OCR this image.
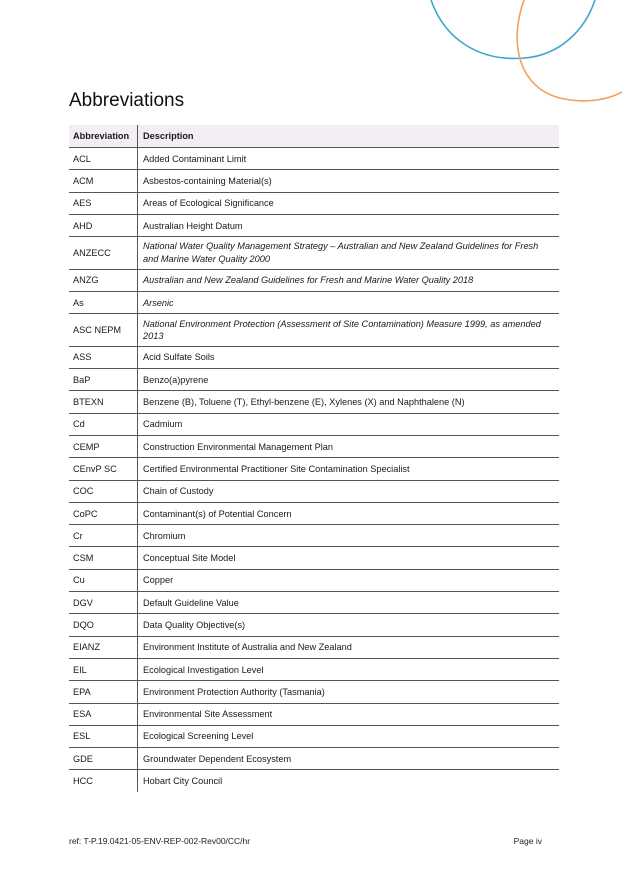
Abbreviations
Abbreviation	Description
ACL	Added Contaminant Limit
ACM	Asbestos-containing Material(s)
AES	Areas of Ecological Significance
AHD	Australian Height Datum
ANZECC	National Water Quality Management Strategy – Australian and New Zealand Guidelines for Fresh and Marine Water Quality 2000
ANZG	Australian and New Zealand Guidelines for Fresh and Marine Water Quality 2018
As	Arsenic
ASC NEPM	National Environment Protection (Assessment of Site Contamination) Measure 1999, as amended 2013
ASS	Acid Sulfate Soils
BaP	Benzo(a)pyrene
BTEXN	Benzene (B), Toluene (T), Ethyl-benzene (E), Xylenes (X) and Naphthalene (N)
Cd	Cadmium
CEMP	Construction Environmental Management Plan
CEnvP SC	Certified Environmental Practitioner Site Contamination Specialist
COC	Chain of Custody
CoPC	Contaminant(s) of Potential Concern
Cr	Chromium
CSM	Conceptual Site Model
Cu	Copper
DGV	Default Guideline Value
DQO	Data Quality Objective(s)
EIANZ	Environment Institute of Australia and New Zealand
EIL	Ecological Investigation Level
EPA	Environment Protection Authority (Tasmania)
ESA	Environmental Site Assessment
ESL	Ecological Screening Level
GDE	Groundwater Dependent Ecosystem
HCC	Hobart City Council
ref: T-P.19.0421-05-ENV-REP-002-Rev00/CC/hr	Page iv
